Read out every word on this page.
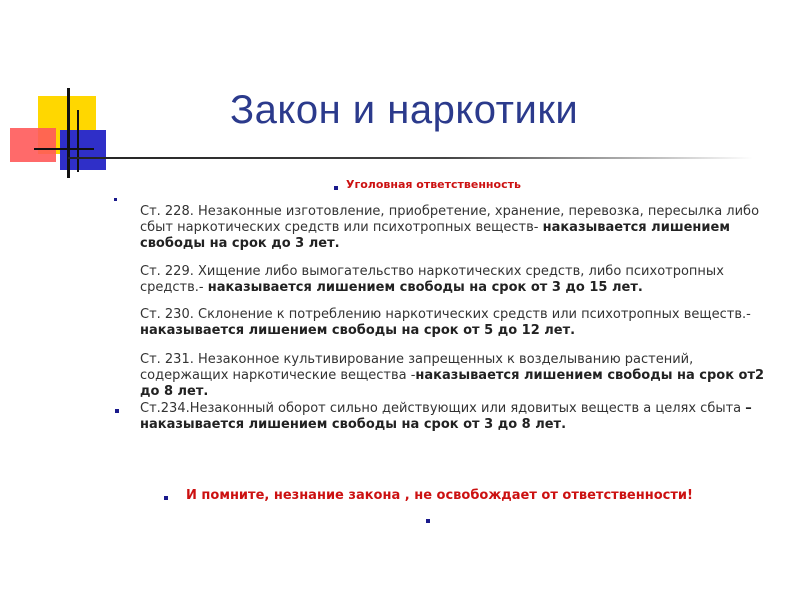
Закон и наркотики
Уголовная ответственность
Ст. 228. Незаконные изготовление, приобретение, хранение, перевозка, пересылка либо сбыт наркотических средств или психотропных веществ- наказывается лишением свободы на срок до 3 лет.
Ст. 229. Хищение либо вымогательство наркотических средств, либо психотропных средств.- наказывается лишением свободы на срок от 3 до 15 лет.
Ст. 230. Склонение к потреблению наркотических средств или психотропных веществ.- наказывается лишением свободы на срок от 5 до 12 лет.
Ст. 231. Незаконное культивирование запрещенных к возделыванию растений, содержащих наркотические вещества -наказывается лишением свободы на срок от2 до 8 лет.
Ст.234.Незаконный оборот сильно действующих или ядовитых веществ а целях сбыта – наказывается лишением свободы на срок от 3 до 8 лет.
И помните, незнание закона , не освобождает от ответственности!
